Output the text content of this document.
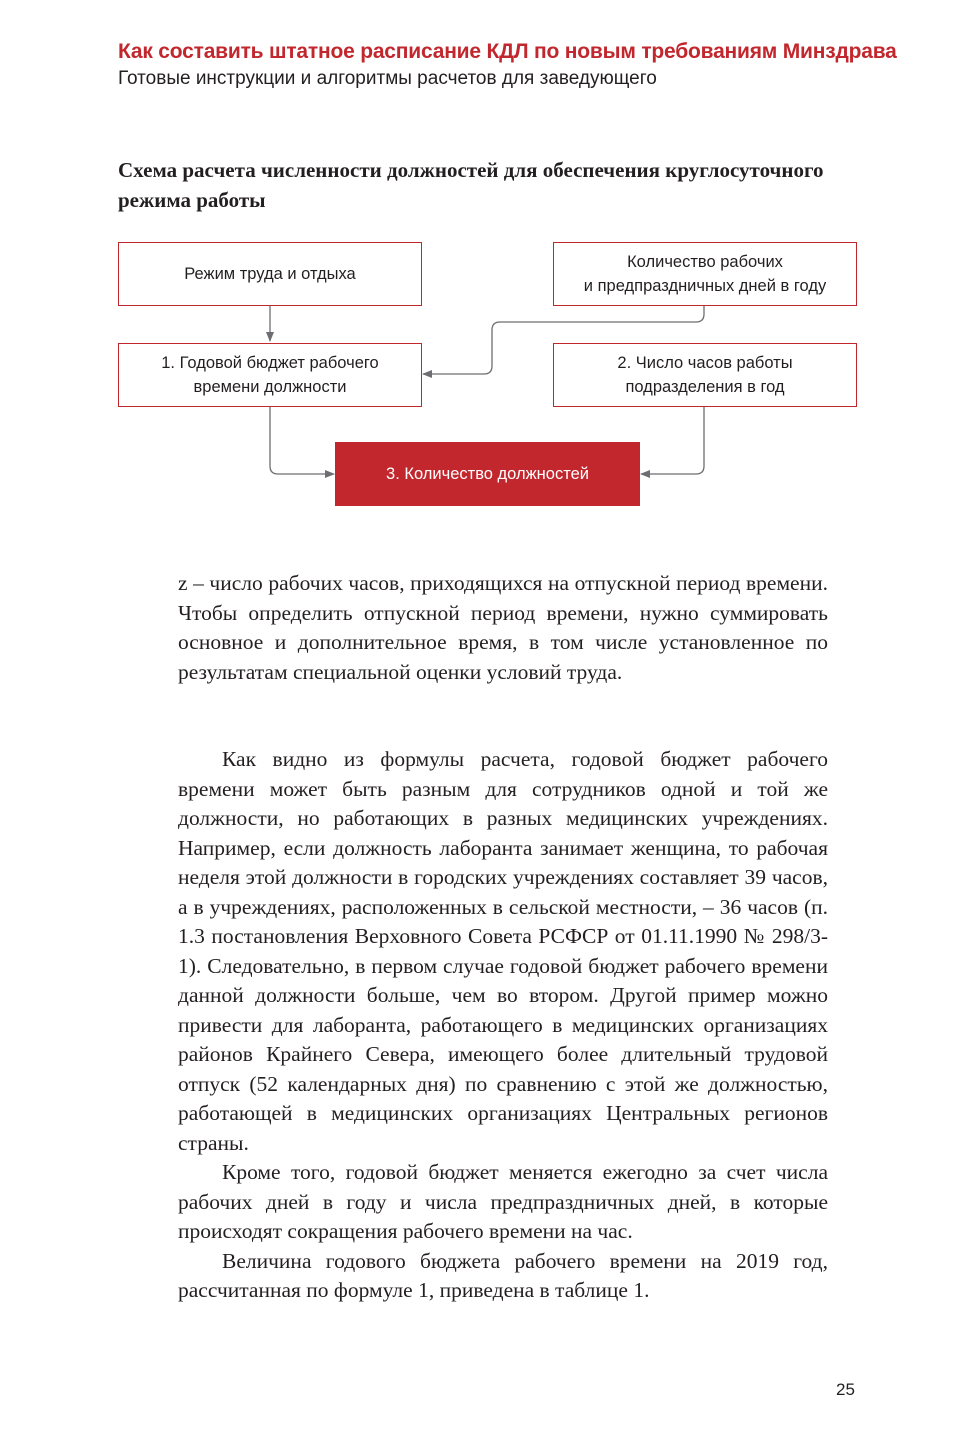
Как составить штатное расписание КДЛ по новым требованиям Минздрава
Готовые инструкции и алгоритмы расчетов для заведующего
Схема расчета численности должностей для обеспечения круглосуточного режима работы
Режим труда и отдыха
Количество рабочих
и предпраздничных дней в году
1. Годовой бюджет рабочего
времени должности
2. Число часов работы
подразделения в год
3. Количество должностей

z – число рабочих часов, приходящихся на отпускной период времени. Чтобы определить отпускной период времени, нужно суммировать основное и дополнительное время, в том числе установленное по результатам специальной оценки условий труда.

Как видно из формулы расчета, годовой бюджет рабочего времени может быть разным для сотрудников одной и той же должности, но работающих в разных медицинских учреждениях. Например, если должность лаборанта занимает женщина, то рабочая неделя этой должности в городских учреждениях составляет 39 часов, а в учреждениях, расположенных в сельской местности, – 36 часов (п. 1.3 постановления Верховного Совета РСФСР от 01.11.1990 № 298/3-1). Следовательно, в первом случае годовой бюджет рабочего времени данной должности больше, чем во втором. Другой пример можно привести для лаборанта, работающего в медицинских организациях районов Крайнего Севера, имеющего более длительный трудовой отпуск (52 календарных дня) по сравнению с этой же должностью, работающей в медицинских организациях Центральных регионов страны.

Кроме того, годовой бюджет меняется ежегодно за счет числа рабочих дней в году и числа предпраздничных дней, в которые происходят сокращения рабочего времени на час.

Величина годового бюджета рабочего времени на 2019 год, рассчитанная по формуле 1, приведена в таблице 1.

25
